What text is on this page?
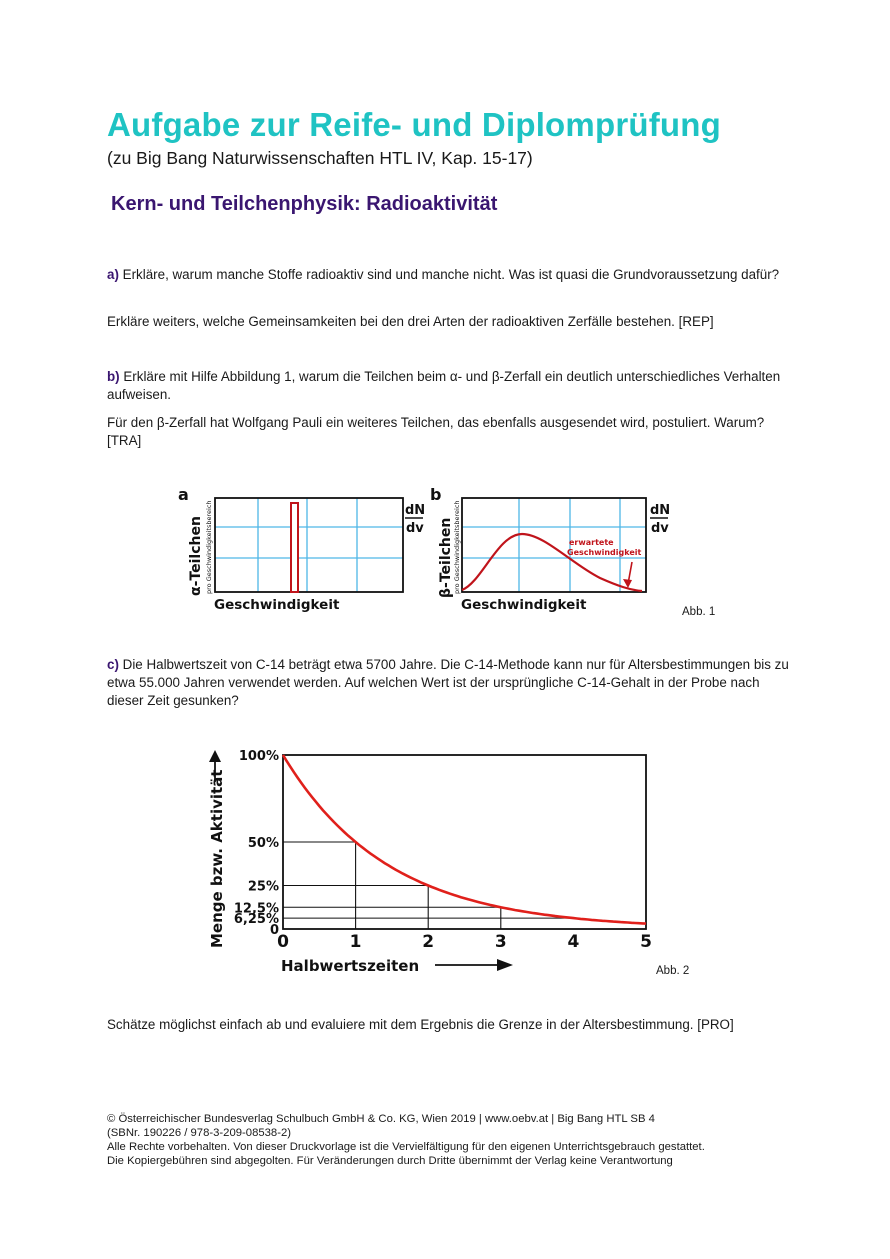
Aufgabe zur Reife- und Diplomprüfung
(zu Big Bang Naturwissenschaften HTL IV, Kap. 15-17)
Kern- und Teilchenphysik: Radioaktivität
a) Erkläre, warum manche Stoffe radioaktiv sind und manche nicht. Was ist quasi die Grundvoraussetzung dafür?
Erkläre weiters, welche Gemeinsamkeiten bei den drei Arten der radioaktiven Zerfälle bestehen. [REP]
b) Erkläre mit Hilfe Abbildung 1, warum die Teilchen beim α- und β-Zerfall ein deutlich unterschiedliches Verhalten aufweisen.
Für den β-Zerfall hat Wolfgang Pauli ein weiteres Teilchen, das ebenfalls ausgesendet wird, postuliert. Warum? [TRA]
a
α-Teilchen pro Geschwindigkeitsbereich
Geschwindigkeit
dN
dv
b
erwartete
Geschwindigkeit
β-Teilchen pro Geschwindigkeitsbereich
Geschwindigkeit
dN
dv
Abb. 1
c) Die Halbwertszeit von C-14 beträgt etwa 5700 Jahre. Die C-14-Methode kann nur für Altersbestimmungen bis zu etwa 55.000 Jahren verwendet werden. Auf welchen Wert ist der ursprüngliche C-14-Gehalt in der Probe nach dieser Zeit gesunken?
100%
50%
25%
12,5%
6,25%
0
0	1	2	3	4	5
Menge bzw. Aktivität
Halbwertszeiten	Abb. 2
Schätze möglichst einfach ab und evaluiere mit dem Ergebnis die Grenze in der Altersbestimmung. [PRO]
© Österreichischer Bundesverlag Schulbuch GmbH & Co. KG, Wien 2019 | www.oebv.at | Big Bang HTL SB 4
(SBNr. 190226 / 978-3-209-08538-2)
Alle Rechte vorbehalten. Von dieser Druckvorlage ist die Vervielfältigung für den eigenen Unterrichtsgebrauch gestattet.
Die Kopiergebühren sind abgegolten. Für Veränderungen durch Dritte übernimmt der Verlag keine Verantwortung
